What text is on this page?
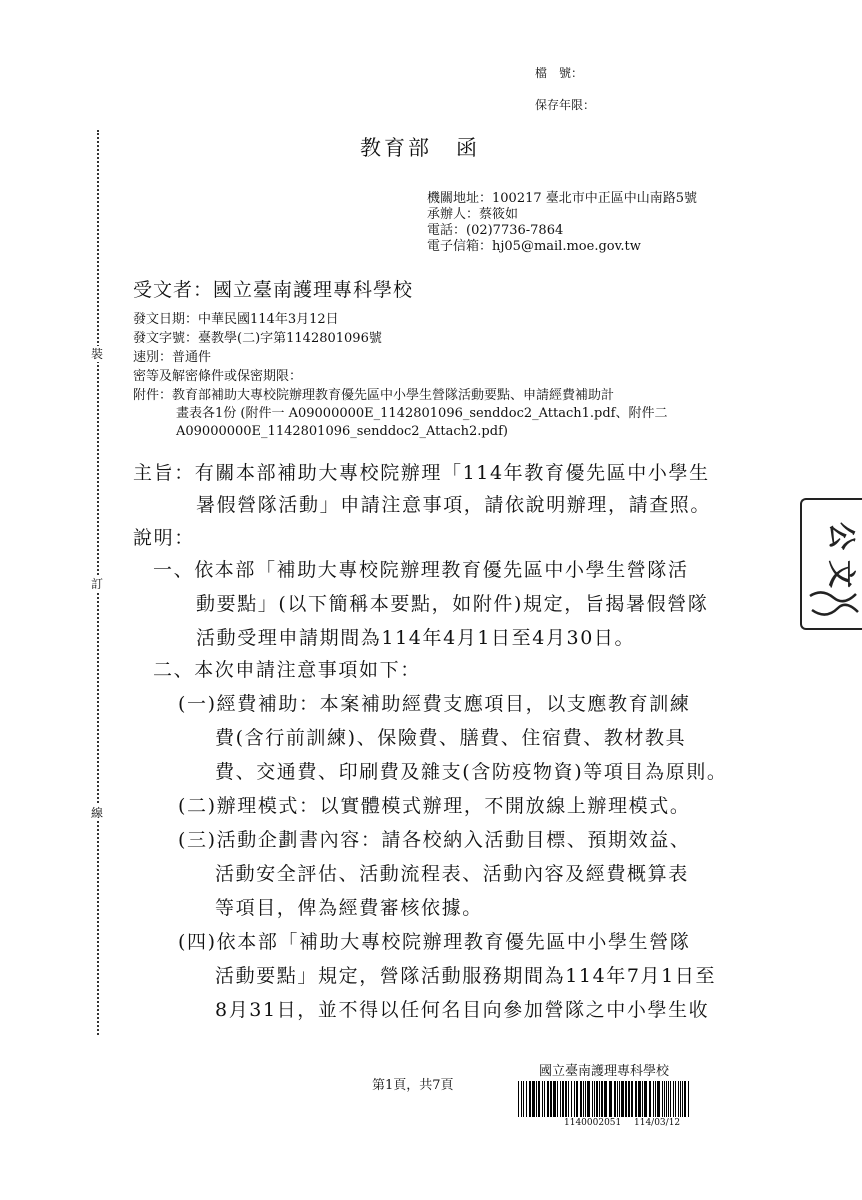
檔　號：
保存年限：
裝
訂
線
教育部　函
機關地址：100217 臺北市中正區中山南路5號
承辦人：蔡筱如
電話：(02)7736-7864
電子信箱：hj05@mail.moe.gov.tw
受文者：國立臺南護理專科學校
發文日期：中華民國114年3月12日
發文字號：臺教學(二)字第1142801096號
速別：普通件
密等及解密條件或保密期限：
附件：教育部補助大專校院辦理教育優先區中小學生營隊活動要點、申請經費補助計
畫表各1份 (附件一 A09000000E_1142801096_senddoc2_Attach1.pdf、附件二
A09000000E_1142801096_senddoc2_Attach2.pdf)
主旨：有關本部補助大專校院辦理「114年教育優先區中小學生
暑假營隊活動」申請注意事項，請依說明辦理，請查照。
說明：
一、依本部「補助大專校院辦理教育優先區中小學生營隊活
動要點」(以下簡稱本要點，如附件)規定，旨揭暑假營隊
活動受理申請期間為114年4月1日至4月30日。
二、本次申請注意事項如下：
(一)經費補助：本案補助經費支應項目，以支應教育訓練
費(含行前訓練)、保險費、膳費、住宿費、教材教具
費、交通費、印刷費及雜支(含防疫物資)等項目為原則。
(二)辦理模式：以實體模式辦理，不開放線上辦理模式。
(三)活動企劃書內容：請各校納入活動目標、預期效益、
活動安全評估、活動流程表、活動內容及經費概算表
等項目，俾為經費審核依據。
(四)依本部「補助大專校院辦理教育優先區中小學生營隊
活動要點」規定，營隊活動服務期間為114年7月1日至
8月31日，並不得以任何名目向參加營隊之中小學生收
公
文
第1頁，共7頁
國立臺南護理專科學校
1140002051 114/03/12
